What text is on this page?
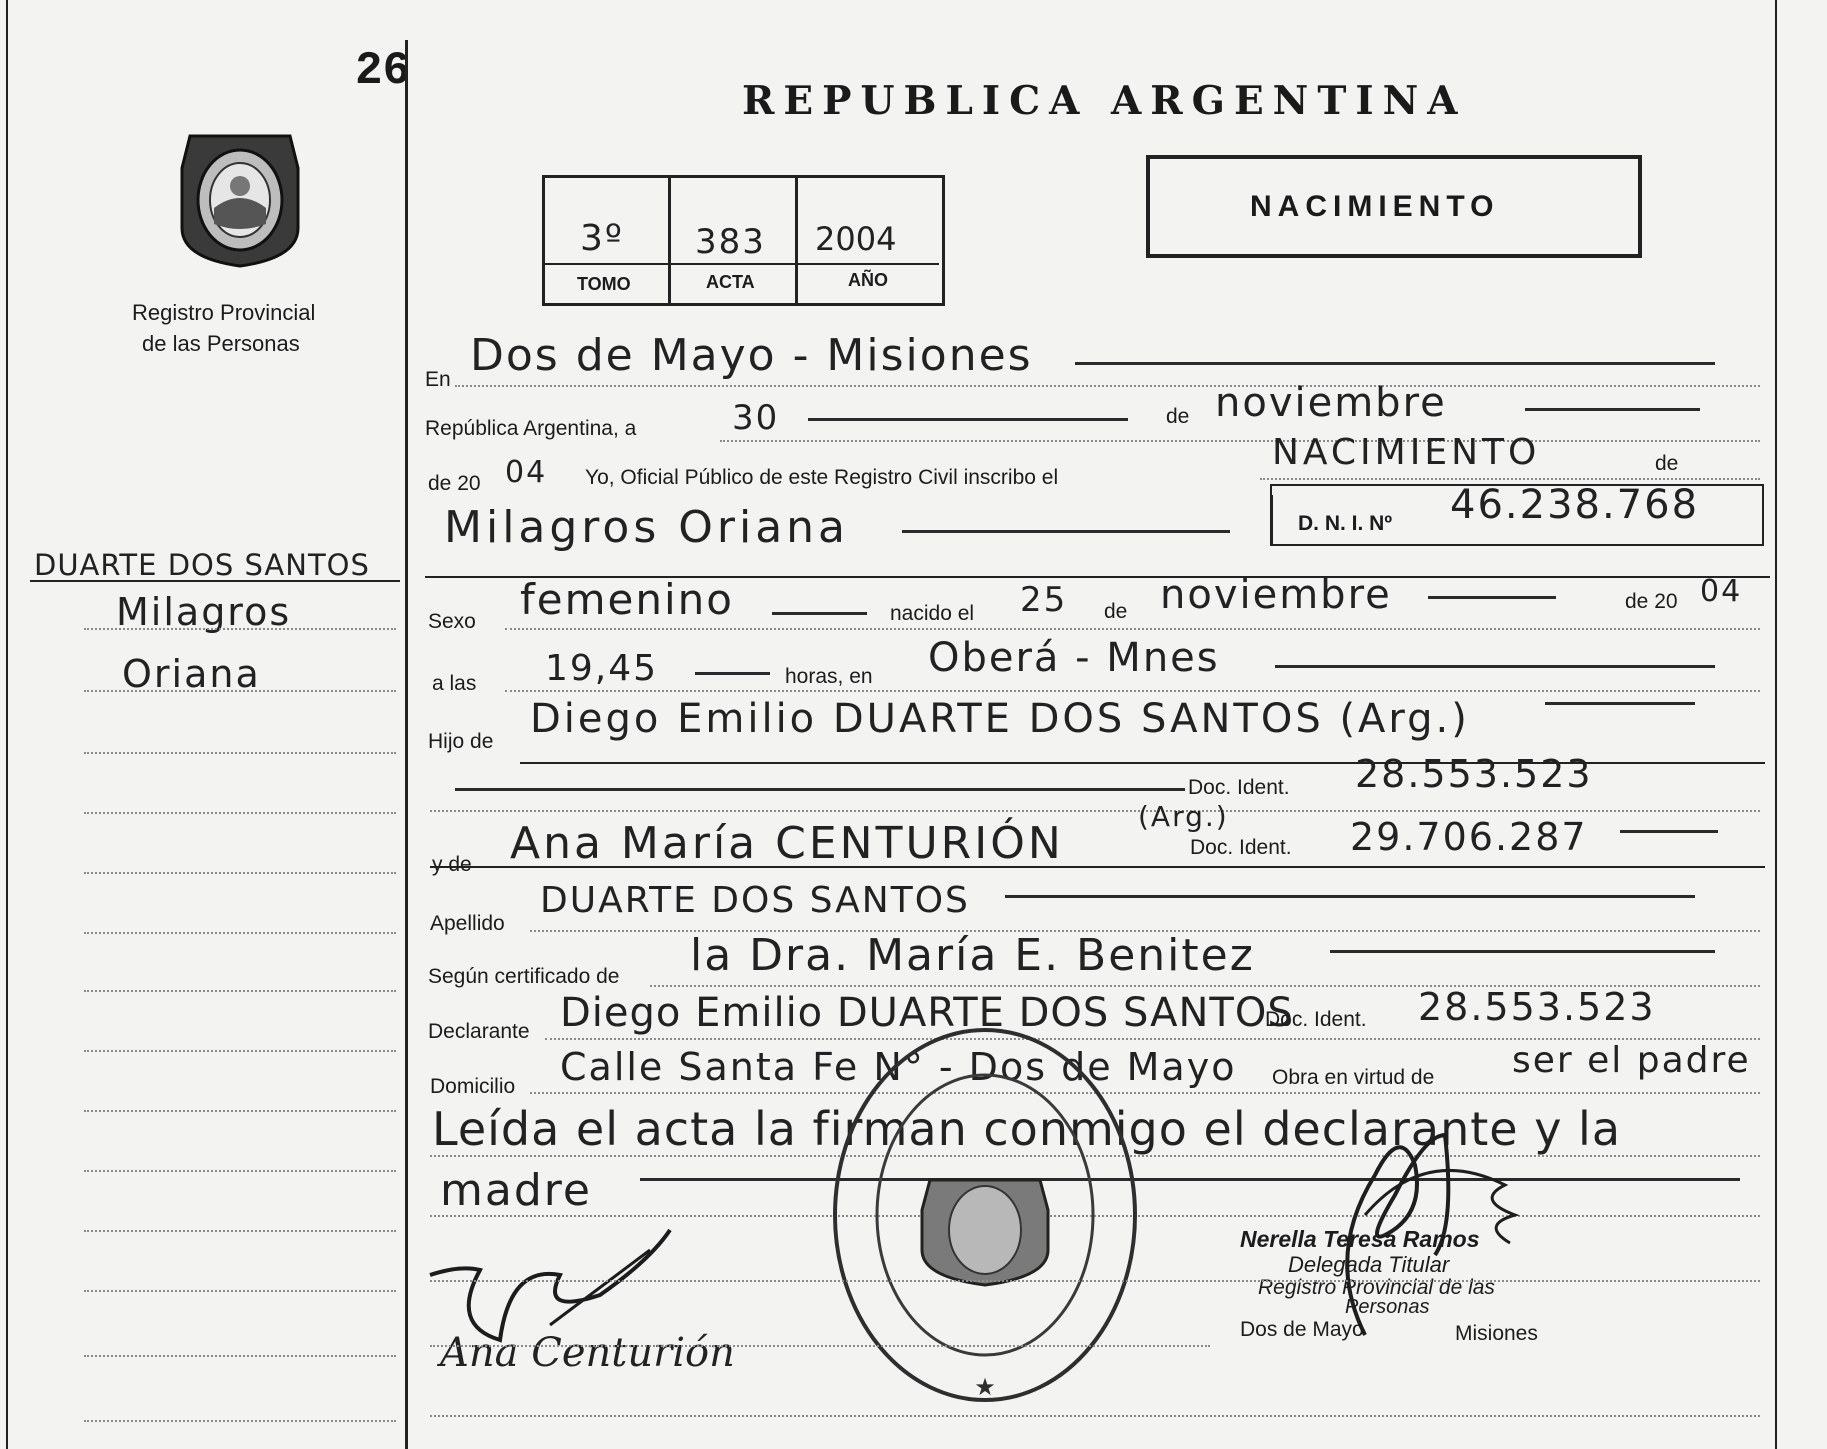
26
Registro Provincial
de las Personas
DUARTE DOS SANTOS
Milagros
Oriana
REPUBLICA ARGENTINA
3º 383 2004
TOMO	ACTA	AÑO
NACIMIENTO
En Dos de Mayo - Misiones
República Argentina, a	30	de noviembre
de 20 04 Yo, Oficial Público de este Registro Civil inscribo el
NACIMIENTO	de
Milagros Oriana	D. N. I. Nº 46.238.768
Sexo femenino	nacido el 25 de noviembre	de 20 04
a las 19,45	horas, en Oberá - Mnes
Hijo de Diego Emilio DUARTE DOS SANTOS (Arg.)
Doc. Ident. 28.553.523
y de Ana María CENTURIÓN
(Arg.)
Doc. Ident. 29.706.287
Apellido
DUARTE DOS SANTOS
Según certificado de la Dra. María E. Benitez
Declarante Diego Emilio DUARTE DOS SANTOS
Doc. Ident. 28.553.523
Domicilio Calle Santa Fe N° - Dos de Mayo Obra en virtud de ser el padre
Leída el acta la firman conmigo el declarante y la
madre
★
Nerella Teresa Ramos
Delegada Titular
Registro Provincial de las
Personas
Dos de Mayo	Misiones
Ana Centurión
